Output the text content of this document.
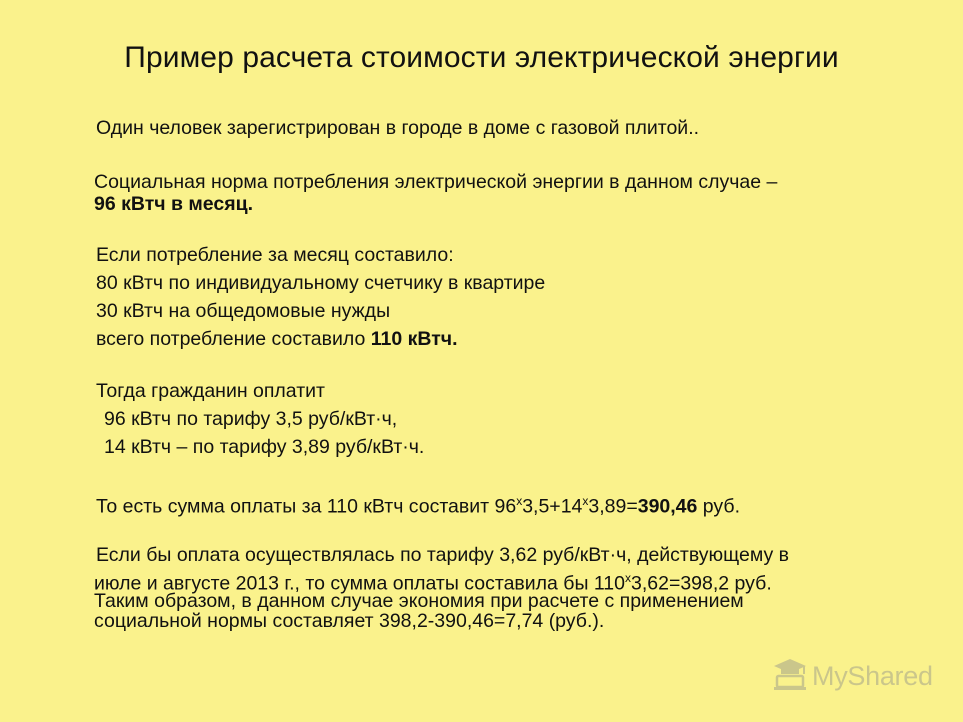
Пример расчета стоимости электрической энергии
Один человек зарегистрирован в городе в доме с газовой плитой..
Социальная норма потребления электрической энергии в данном случае –
96 кВтч в месяц.
Если потребление за месяц составило:
80 кВтч по индивидуальному счетчику в квартире
30 кВтч на общедомовые нужды
всего потребление составило 110 кВтч.
Тогда гражданин оплатит
96 кВтч по тарифу 3,5 руб/кВт·ч,
14 кВтч – по тарифу 3,89 руб/кВт·ч.
То есть сумма оплаты за 110 кВтч составит $96^х3,5+14^х3,89=390,46$ руб.
Если бы оплата осуществлялась по тарифу 3,62 руб/кВт·ч, действующему в
июле и августе 2013 г., то сумма оплаты составила бы $110^х3,62=398,2$ руб.
Таким образом, в данном случае экономия при расчете с применением
социальной нормы составляет 398,2-390,46=7,74 (руб.).
MyShared
